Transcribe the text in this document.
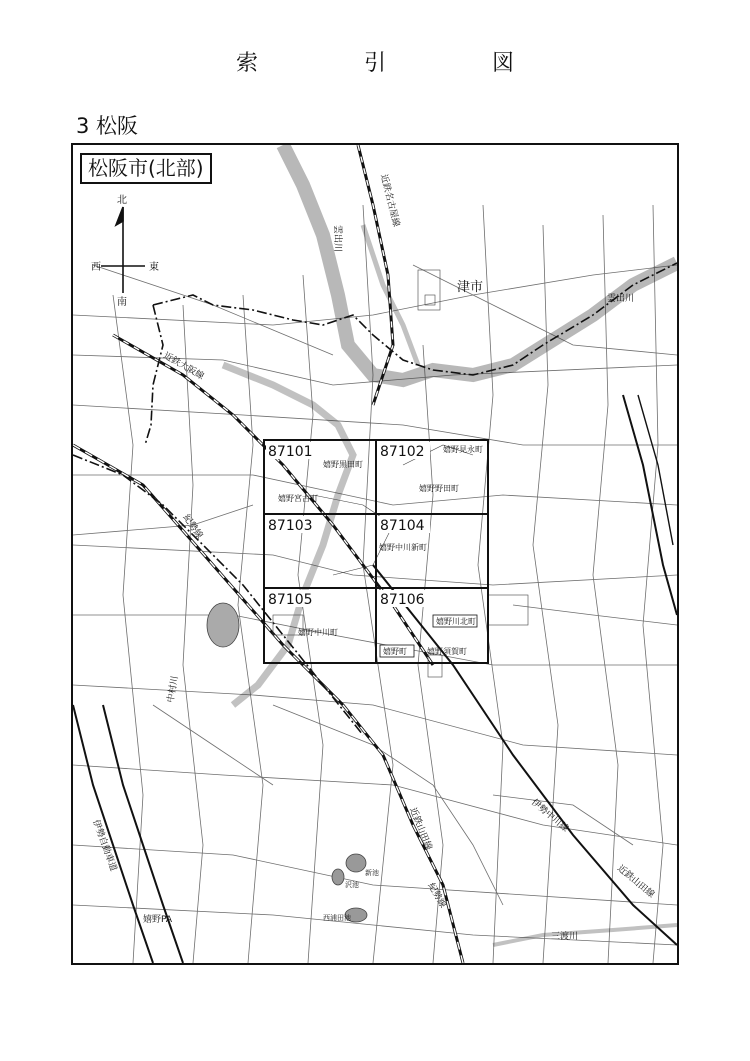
索　引　図
3 松阪
松阪市(北部)
87101	87102
87103	87104
87105	87106
嬉野黒田町
嬉野見永町
嬉野宮古町
嬉野野田町
嬉野中川新町
嬉野中川町
嬉野川北町
嬉野町	嬉野須賀町
北
南
西	東
津市
雲出川
雲出川
近鉄名古屋線
近鉄大阪線
紀勢線
中村川
伊勢自動車道
嬉野PA
近鉄山田線
紀勢線
伊勢中川線
近鉄山田線
三渡川
新池
沢池
西浦田池
